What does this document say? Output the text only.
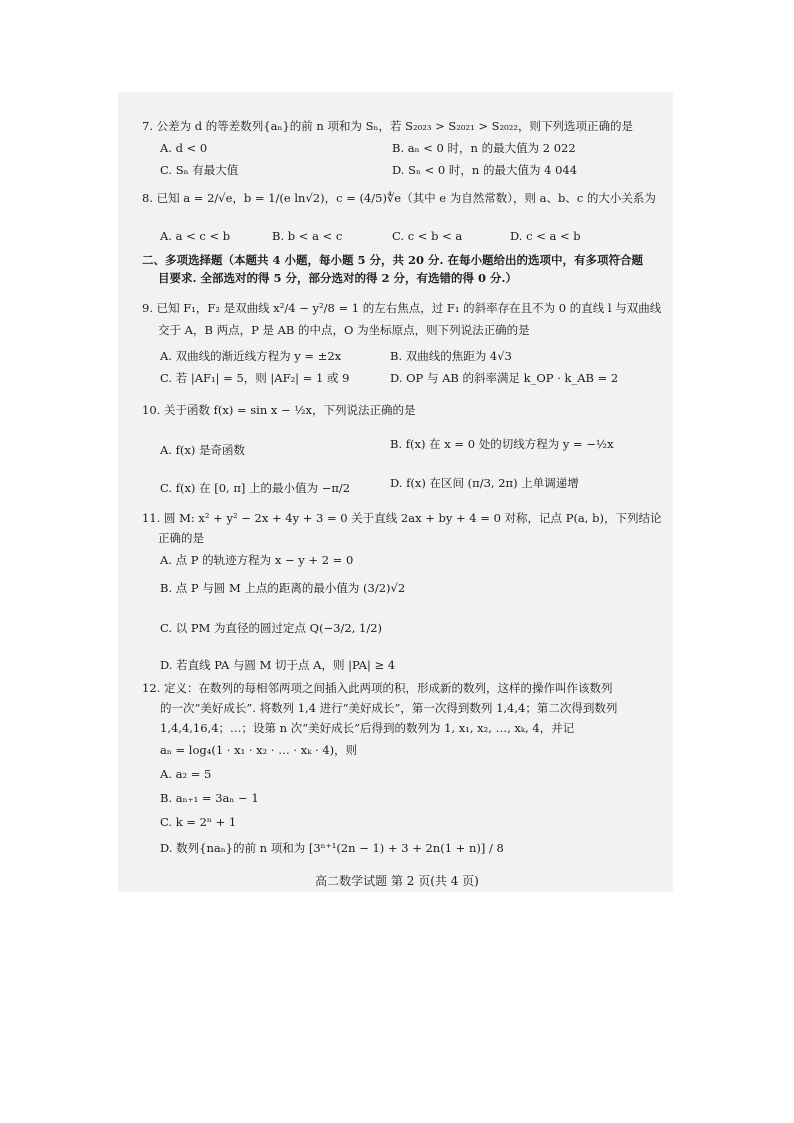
7. 公差为 d 的等差数列{aₙ}的前 n 项和为 Sₙ，若 S₂₀₂₃ > S₂₀₂₁ > S₂₀₂₂，则下列选项正确的是
A. d < 0	B. aₙ < 0 时，n 的最大值为 2 022
C. Sₙ 有最大值	D. Sₙ < 0 时，n 的最大值为 4 044
8. 已知 a = 2/√e，b = 1/(e ln√2)，c = (4/5)∜e（其中 e 为自然常数），则 a、b、c 的大小关系为
A. a < c < b	B. b < a < c	C. c < b < a	D. c < a < b
二、多项选择题（本题共 4 小题，每小题 5 分，共 20 分. 在每小题给出的选项中，有多项符合题
目要求. 全部选对的得 5 分，部分选对的得 2 分，有选错的得 0 分.）
9. 已知 F₁，F₂ 是双曲线 x²/4 − y²/8 = 1 的左右焦点，过 F₁ 的斜率存在且不为 0 的直线 l 与双曲线
交于 A，B 两点，P 是 AB 的中点，O 为坐标原点，则下列说法正确的是
A. 双曲线的渐近线方程为 y = ±2x	B. 双曲线的焦距为 4√3
C. 若 |AF₁| = 5，则 |AF₂| = 1 或 9	D. OP 与 AB 的斜率满足 k_OP · k_AB = 2
10. 关于函数 f(x) = sin x − ½x，下列说法正确的是
A. f(x) 是奇函数	B. f(x) 在 x = 0 处的切线方程为 y = −½x
C. f(x) 在 [0, π] 上的最小值为 −π/2	D. f(x) 在区间 (π/3, 2π) 上单调递增
11. 圆 M: x² + y² − 2x + 4y + 3 = 0 关于直线 2ax + by + 4 = 0 对称，记点 P(a, b)，下列结论
正确的是
A. 点 P 的轨迹方程为 x − y + 2 = 0
B. 点 P 与圆 M 上点的距离的最小值为 (3/2)√2
C. 以 PM 为直径的圆过定点 Q(−3/2, 1/2)
D. 若直线 PA 与圆 M 切于点 A，则 |PA| ≥ 4
12. 定义：在数列的每相邻两项之间插入此两项的积，形成新的数列，这样的操作叫作该数列
的一次“美好成长”. 将数列 1,4 进行“美好成长”，第一次得到数列 1,4,4；第二次得到数列
1,4,4,16,4；…；设第 n 次“美好成长”后得到的数列为 1, x₁, x₂, …, xₖ, 4，并记
aₙ = log₄(1 · x₁ · x₂ · … · xₖ · 4)，则
A. a₂ = 5
B. aₙ₊₁ = 3aₙ − 1
C. k = 2ⁿ + 1
D. 数列{naₙ}的前 n 项和为 [3ⁿ⁺¹(2n − 1) + 3 + 2n(1 + n)] / 8
高二数学试题 第 2 页(共 4 页)
